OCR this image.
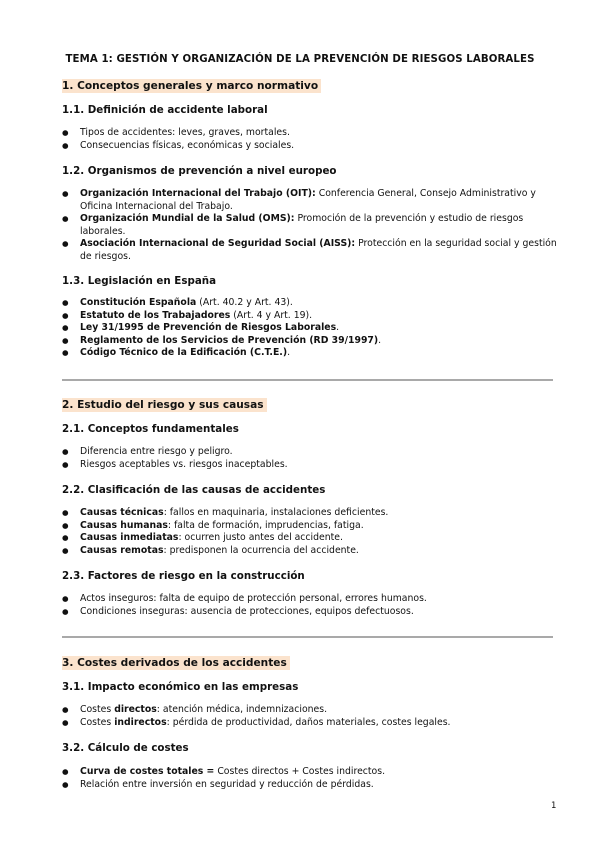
TEMA 1: GESTIÓN Y ORGANIZACIÓN DE LA PREVENCIÓN DE RIESGOS LABORALES
1. Conceptos generales y marco normativo
1.1. Definición de accidente laboral
● Tipos de accidentes: leves, graves, mortales.
● Consecuencias físicas, económicas y sociales.
1.2. Organismos de prevención a nivel europeo
● Organización Internacional del Trabajo (OIT): Conferencia General, Consejo Administrativo y Oficina Internacional del Trabajo.
● Organización Mundial de la Salud (OMS): Promoción de la prevención y estudio de riesgos laborales.
● Asociación Internacional de Seguridad Social (AISS): Protección en la seguridad social y gestión de riesgos.
1.3. Legislación en España
● Constitución Española (Art. 40.2 y Art. 43).
● Estatuto de los Trabajadores (Art. 4 y Art. 19).
● Ley 31/1995 de Prevención de Riesgos Laborales.
● Reglamento de los Servicios de Prevención (RD 39/1997).
● Código Técnico de la Edificación (C.T.E.).
2. Estudio del riesgo y sus causas
2.1. Conceptos fundamentales
● Diferencia entre riesgo y peligro.
● Riesgos aceptables vs. riesgos inaceptables.
2.2. Clasificación de las causas de accidentes
● Causas técnicas: fallos en maquinaria, instalaciones deficientes.
● Causas humanas: falta de formación, imprudencias, fatiga.
● Causas inmediatas: ocurren justo antes del accidente.
● Causas remotas: predisponen la ocurrencia del accidente.
2.3. Factores de riesgo en la construcción
● Actos inseguros: falta de equipo de protección personal, errores humanos.
● Condiciones inseguras: ausencia de protecciones, equipos defectuosos.
3. Costes derivados de los accidentes
3.1. Impacto económico en las empresas
● Costes directos: atención médica, indemnizaciones.
● Costes indirectos: pérdida de productividad, daños materiales, costes legales.
3.2. Cálculo de costes
● Curva de costes totales = Costes directos + Costes indirectos.
● Relación entre inversión en seguridad y reducción de pérdidas.
1
